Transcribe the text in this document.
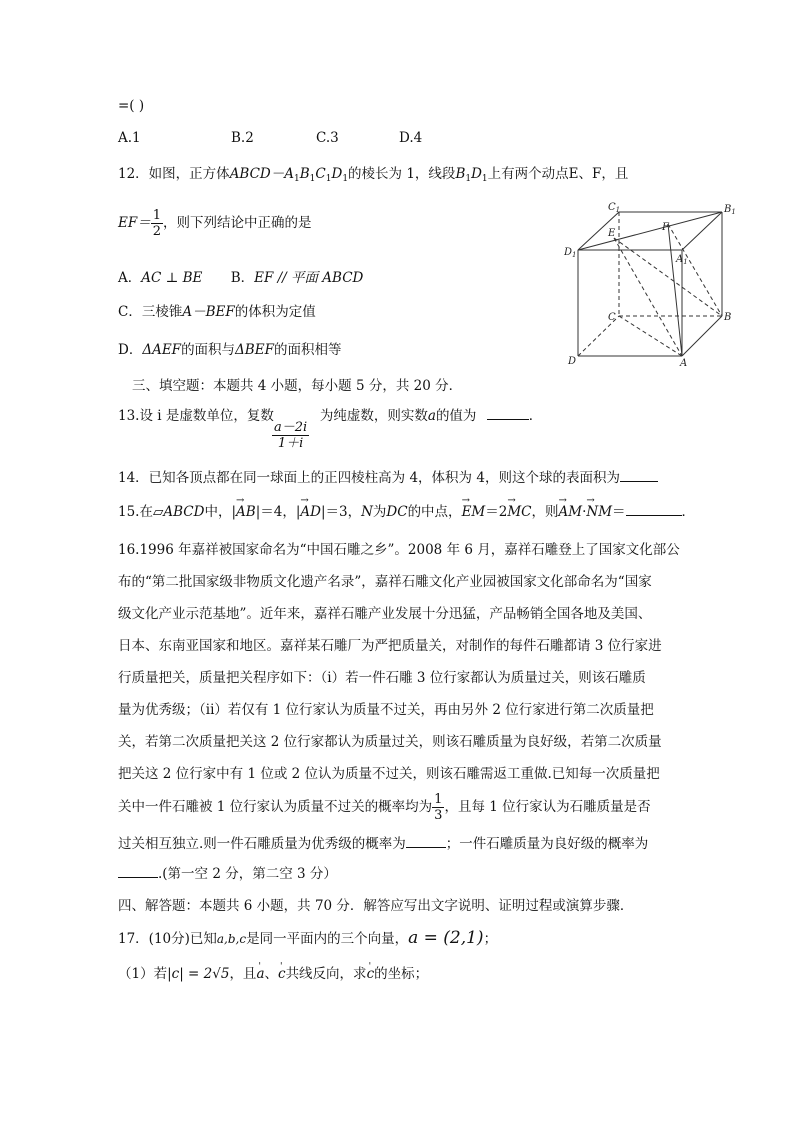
=( )
A.1	B.2	C.3	D.4
12．如图，正方体$ABCD-A_1B_1C_1D_1$的棱长为 1，线段$B_1D_1$上有两个动点E、F，且
$EF= \frac{1}{2}$ ，则下列结论中正确的是
A．AC ⊥ BE B．EF // 平面 ABCD
C．三棱锥A－BEF的体积为定值
D．ΔAEF的面积与ΔBEF的面积相等
$C_1$	$B_1$
$D_1$
E
F
$A_1$
C	B
D	A
三、填空题：本题共 4 小题，每小题 5 分，共 20 分．
13.设 i 是虚数单位，复数	为纯虚数，则实数a的值为	．
$\frac{a-2i}{1+i}$
14．已知各顶点都在同一球面上的正四棱柱高为 4，体积为 4，则这个球的表面积为
15.在▱ABCD中，|→ AB|＝4，|→ AD|＝3，N为DC的中点，→ EM＝2→ MC，则→ AM·→ NM＝	．
16.1996 年嘉祥被国家命名为“中国石雕之乡”。2008 年 6 月，嘉祥石雕登上了国家文化部公
布的“第二批国家级非物质文化遗产名录”，嘉祥石雕文化产业园被国家文化部命名为“国家
级文化产业示范基地”。近年来，嘉祥石雕产业发展十分迅猛，产品畅销全国各地及美国、
日本、东南亚国家和地区。嘉祥某石雕厂为严把质量关，对制作的每件石雕都请 3 位行家进
行质量把关，质量把关程序如下：（i）若一件石雕 3 位行家都认为质量过关，则该石雕质
量为优秀级；（ii）若仅有 1 位行家认为质量不过关，再由另外 2 位行家进行第二次质量把
关，若第二次质量把关这 2 位行家都认为质量过关，则该石雕质量为良好级，若第二次质量
把关这 2 位行家中有 1 位或 2 位认为质量不过关，则该石雕需返工重做.已知每一次质量把
关中一件石雕被 1 位行家认为质量不过关的概率均为 $\frac{1}{3}$ ，且每 1 位行家认为石雕质量是否
过关相互独立.则一件石雕质量为优秀级的概率为	；一件石雕质量为良好级的概率为
.(第一空 2 分，第二空 3 分）
四、解答题：本题共 6 小题，共 70 分．解答应写出文字说明、证明过程或演算步骤．
17．(10分)已知a,b,c是同一平面内的三个向量，a = (2,1)；
（1）若|c| = 2√5，且' a、' c共线反向，求' c的坐标；
